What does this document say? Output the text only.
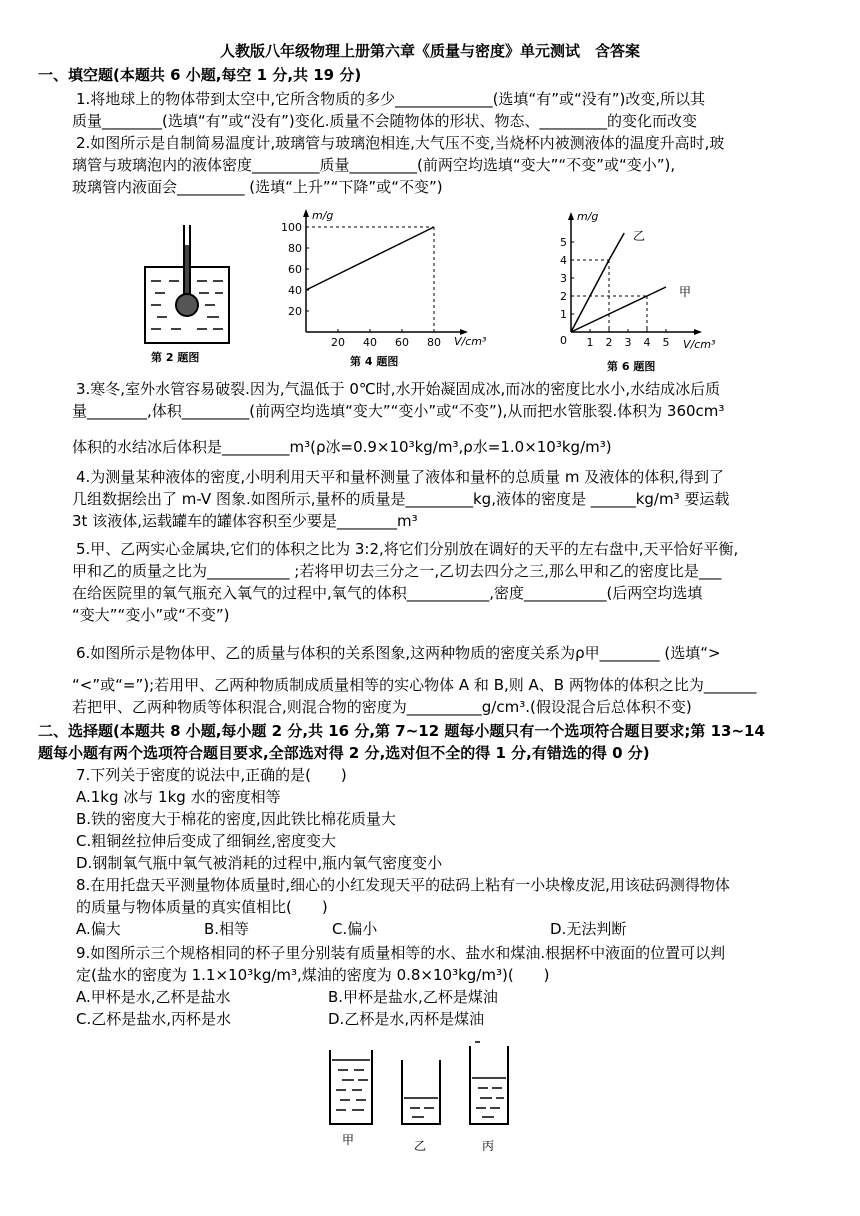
人教版八年级物理上册第六章《质量与密度》单元测试　含答案
一、填空题(本题共 6 小题,每空 1 分,共 19 分)
1.将地球上的物体带到太空中,它所含物质的多少_____________(选填“有”或“没有”)改变,所以其
质量________(选填“有”或“没有”)变化.质量不会随物体的形状、物态、_________的变化而改变
2.如图所示是自制简易温度计,玻璃管与玻璃泡相连,大气压不变,当烧杯内被测液体的温度升高时,玻
璃管与玻璃泡内的液体密度_________质量_________(前两空均选填“变大”“不变”或“变小”),
玻璃管内液面会_________ (选填“上升”“下降”或“不变”)
第 2 题图
20 40 60 80
20
40
60
80
100
m/g
V/cm³
第 4 题图
1 2 3 4 5
1
2
3
4
5
m/g
V/cm³
0
乙
甲
第 6 题图
3.寒冬,室外水管容易破裂.因为,气温低于 0℃时,水开始凝固成冰,而冰的密度比水小,水结成冰后质
量________,体积_________(前两空均选填“变大”“变小”或“不变”),从而把水管胀裂.体积为 360cm³
体积的水结冰后体积是_________m³(ρ冰=0.9×10³kg/m³,ρ水=1.0×10³kg/m³)
4.为测量某种液体的密度,小明利用天平和量杯测量了液体和量杯的总质量 m 及液体的体积,得到了
几组数据绘出了 m-V 图象.如图所示,量杯的质量是_________kg,液体的密度是 ______kg/m³ 要运载
3t 该液体,运载罐车的罐体容积至少要是________m³
5.甲、乙两实心金属块,它们的体积之比为 3:2,将它们分别放在调好的天平的左右盘中,天平恰好平衡,
甲和乙的质量之比为___________ ;若将甲切去三分之一,乙切去四分之三,那么甲和乙的密度比是___
在给医院里的氧气瓶充入氧气的过程中,氧气的体积___________,密度___________(后两空均选填
“变大”“变小”或“不变”)
6.如图所示是物体甲、乙的质量与体积的关系图象,这两种物质的密度关系为ρ甲________ (选填“>
“<”或“=”);若用甲、乙两种物质制成质量相等的实心物体 A 和 B,则 A、B 两物体的体积之比为_______
若把甲、乙两种物质等体积混合,则混合物的密度为__________g/cm³.(假设混合后总体积不变)
二、选择题(本题共 8 小题,每小题 2 分,共 16 分,第 7~12 题每小题只有一个选项符合题目要求;第 13~14
题每小题有两个选项符合题目要求,全部选对得 2 分,选对但不全的得 1 分,有错选的得 0 分)
7.下列关于密度的说法中,正确的是(　　)
A.1kg 冰与 1kg 水的密度相等
B.铁的密度大于棉花的密度,因此铁比棉花质量大
C.粗铜丝拉伸后变成了细铜丝,密度变大
D.钢制氧气瓶中氧气被消耗的过程中,瓶内氧气密度变小
8.在用托盘天平测量物体质量时,细心的小红发现天平的砝码上粘有一小块橡皮泥,用该砝码测得物体
的质量与物体质量的真实值相比(　　)
A.偏大	B.相等	C.偏小	D.无法判断
9.如图所示三个规格相同的杯子里分别装有质量相等的水、盐水和煤油.根据杯中液面的位置可以判
定(盐水的密度为 1.1×10³kg/m³,煤油的密度为 0.8×10³kg/m³)(　　)
A.甲杯是水,乙杯是盐水	B.甲杯是盐水,乙杯是煤油
C.乙杯是盐水,丙杯是水	D.乙杯是水,丙杯是煤油
甲	乙	丙
